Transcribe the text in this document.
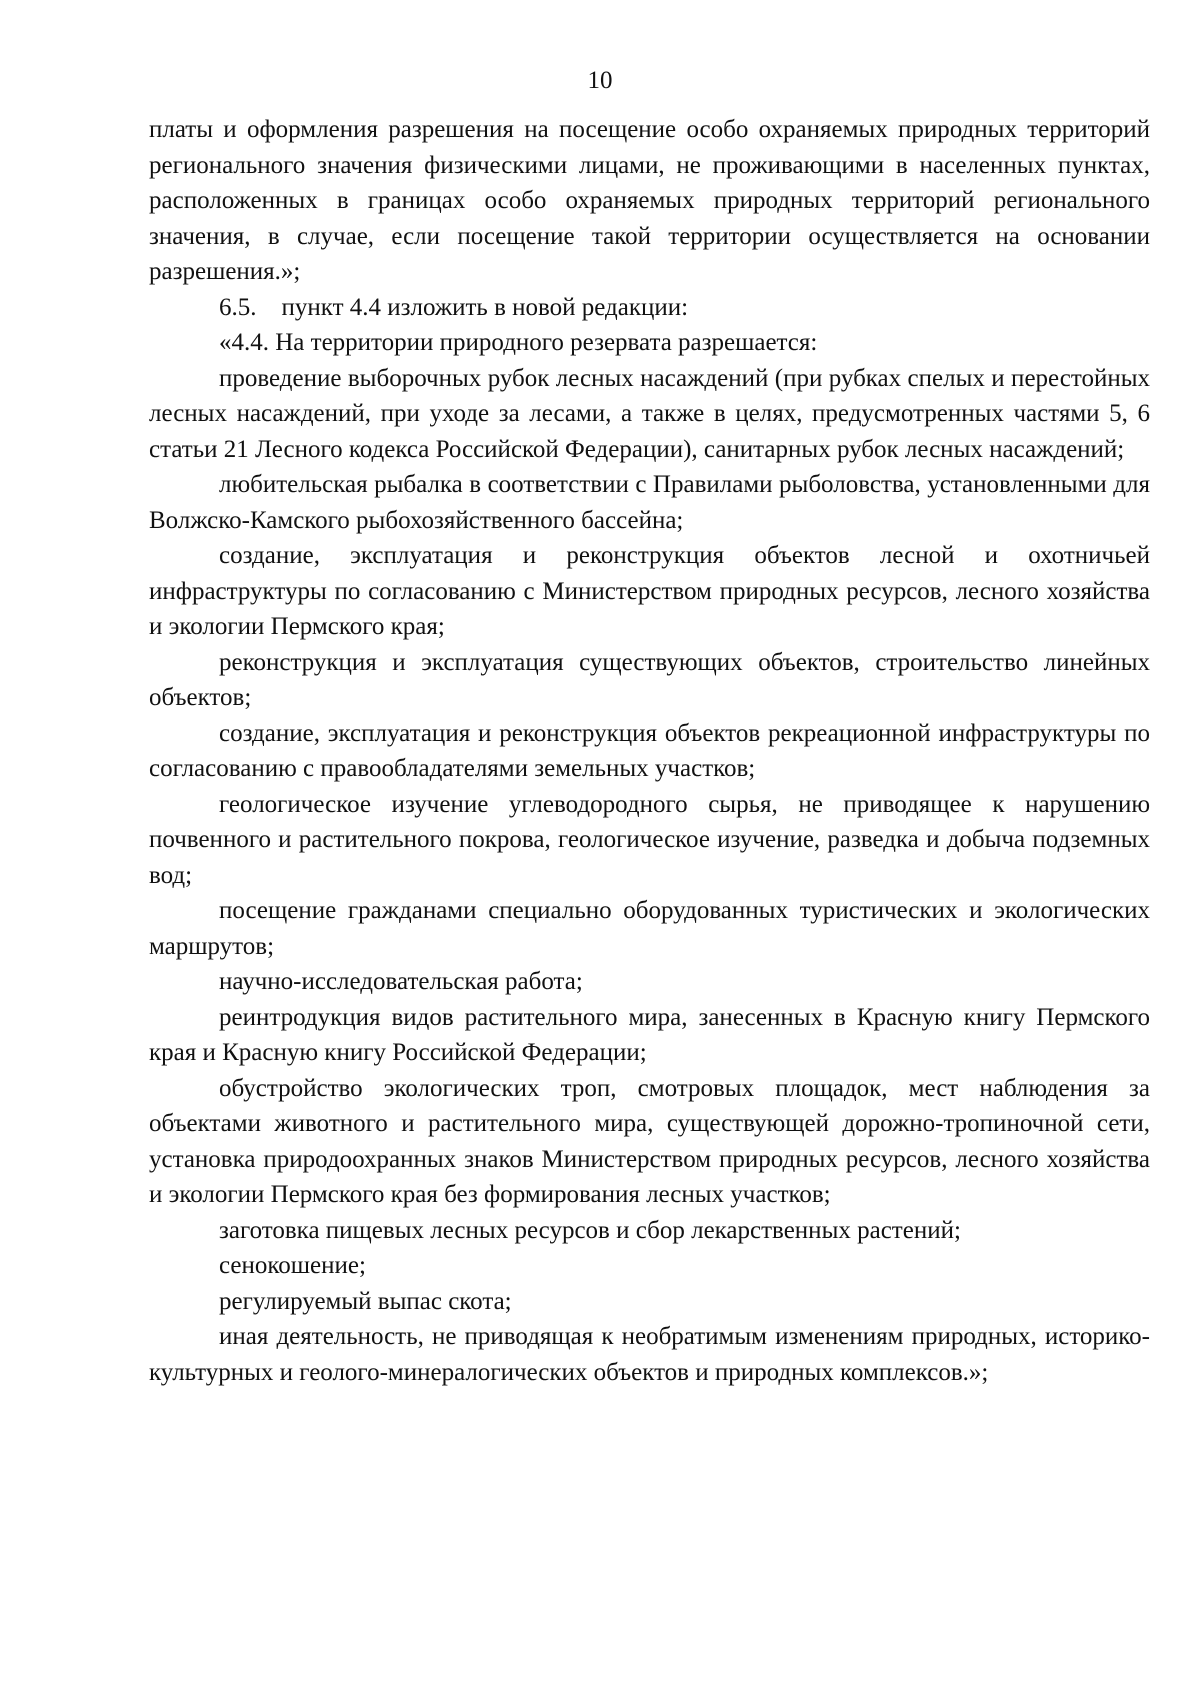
10

платы и оформления разрешения на посещение особо охраняемых природных территорий регионального значения физическими лицами, не проживающими в населенных пунктах, расположенных в границах особо охраняемых природных территорий регионального значения, в случае, если посещение такой территории осуществляется на основании разрешения.»;

6.5.    пункт 4.4 изложить в новой редакции:

«4.4. На территории природного резервата разрешается:

проведение выборочных рубок лесных насаждений (при рубках спелых и перестойных лесных насаждений, при уходе за лесами, а также в целях, предусмотренных частями 5, 6 статьи 21 Лесного кодекса Российской Федерации), санитарных рубок лесных насаждений;

любительская рыбалка в соответствии с Правилами рыболовства, установленными для Волжско-Камского рыбохозяйственного бассейна;

создание, эксплуатация и реконструкция объектов лесной и охотничьей инфраструктуры по согласованию с Министерством природных ресурсов, лесного хозяйства и экологии Пермского края;

реконструкция и эксплуатация существующих объектов, строительство линейных объектов;

создание, эксплуатация и реконструкция объектов рекреационной инфраструктуры по согласованию с правообладателями земельных участков;

геологическое изучение углеводородного сырья, не приводящее к нарушению почвенного и растительного покрова, геологическое изучение, разведка и добыча подземных вод;

посещение гражданами специально оборудованных туристических и экологических маршрутов;

научно-исследовательская работа;

реинтродукция видов растительного мира, занесенных в Красную книгу Пермского края и Красную книгу Российской Федерации;

обустройство экологических троп, смотровых площадок, мест наблюдения за объектами животного и растительного мира, существующей дорожно-тропиночной сети, установка природоохранных знаков Министерством природных ресурсов, лесного хозяйства и экологии Пермского края без формирования лесных участков;

заготовка пищевых лесных ресурсов и сбор лекарственных растений;

сенокошение;

регулируемый выпас скота;

иная деятельность, не приводящая к необратимым изменениям природных, историко-культурных и геолого-минералогических объектов и природных комплексов.»;
